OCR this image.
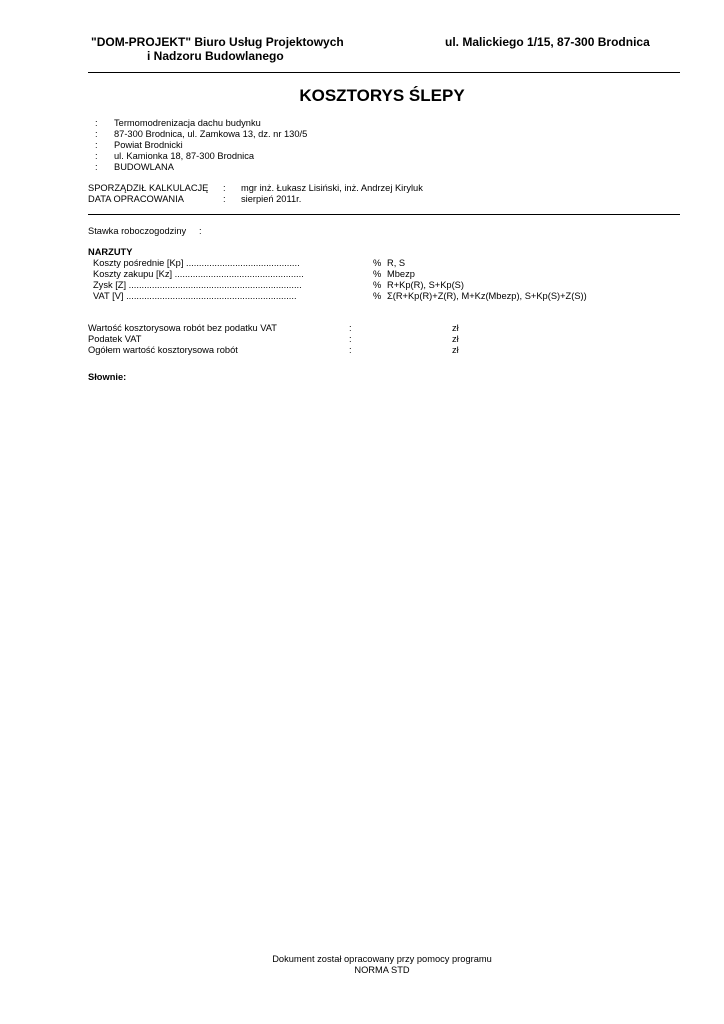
"DOM-PROJEKT" Biuro Usług Projektowych
i Nadzoru Budowlanego
ul. Malickiego 1/15, 87-300 Brodnica
KOSZTORYS ŚLEPY
:
:
:
:
:
Termomodrenizacja dachu budynku
87-300 Brodnica, ul. Zamkowa 13, dz. nr 130/5
Powiat Brodnicki
ul. Kamionka 18, 87-300 Brodnica
BUDOWLANA
SPORZĄDZIŁ KALKULACJĘ
DATA OPRACOWANIA
:
:
mgr inż. Łukasz Lisiński, inż. Andrzej Kiryluk
sierpień 2011r.
Stawka roboczogodziny :
NARZUTY
Koszty pośrednie [Kp] ............................................
Koszty zakupu [Kz] ..................................................
Zysk [Z] ...................................................................
VAT [V] ..................................................................
%
%
%
%
R, S
Mbezp
R+Kp(R), S+Kp(S)
Σ(R+Kp(R)+Z(R), M+Kz(Mbezp), S+Kp(S)+Z(S))
Wartość kosztorysowa robót bez podatku VAT
Podatek VAT
Ogółem wartość kosztorysowa robót
:
:
:
zł
zł
zł
Słownie:
Dokument został opracowany przy pomocy programu
NORMA STD
